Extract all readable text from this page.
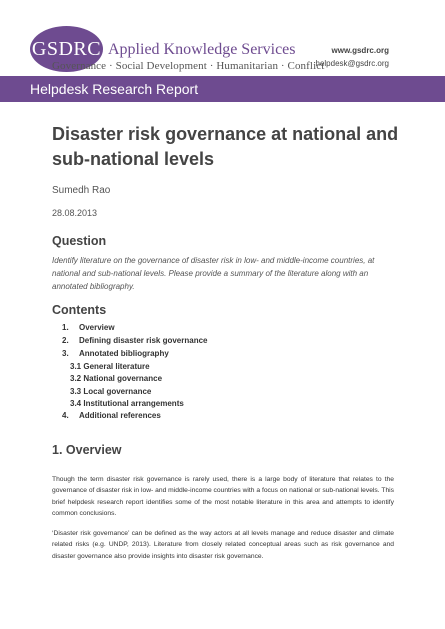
GSDRC Applied Knowledge Services
Governance · Social Development · Humanitarian · Conflict
www.gsdrc.org
helpdesk@gsdrc.org
Helpdesk Research Report
Disaster risk governance at national and
sub-national levels
Sumedh Rao
28.08.2013
Question
Identify literature on the governance of disaster risk in low- and middle-income countries, at national and sub-national levels. Please provide a summary of the literature along with an annotated bibliography.
Contents
1. Overview
2. Defining disaster risk governance
3. Annotated bibliography
3.1 General literature
3.2 National governance
3.3 Local governance
3.4 Institutional arrangements
4. Additional references
1. Overview
Though the term disaster risk governance is rarely used, there is a large body of literature that relates to the governance of disaster risk in low- and middle-income countries with a focus on national or sub-national levels. This brief helpdesk research report identifies some of the most notable literature in this area and attempts to identify common conclusions.
‘Disaster risk governance’ can be defined as the way actors at all levels manage and reduce disaster and climate related risks (e.g. UNDP, 2013). Literature from closely related conceptual areas such as risk governance and disaster governance also provide insights into disaster risk governance.
